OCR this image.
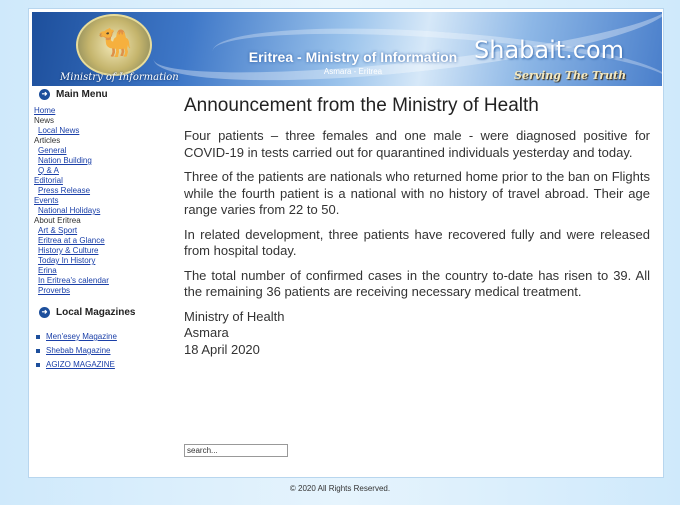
🐪
Ministry of Information
Eritrea - Ministry of Information
Asmara - Eritrea
Shabait.com
Serving The Truth
➜ Main Menu
Home
News
Local News
Articles
General
Nation Building
Q & A
Editorial
Press Release
Events
National Holidays
About Eritrea
Art & Sport
Eritrea at a Glance
History & Culture
Today In History
Erina
In Eritrea's calendar
Proverbs
➜ Local Magazines
Men'esey Magazine
Shebab Magazine
AGIZO MAGAZINE
Announcement from the Ministry of Health

Four patients – three females and one male - were diagnosed positive for COVID-19 in tests carried out for quarantined individuals yesterday and today.

Three of the patients are nationals who returned home prior to the ban on Flights while the fourth patient is a national with no history of travel abroad. Their age range varies from 22 to 50.

In related development, three patients have recovered fully and were released from hospital today.

The total number of confirmed cases in the country to-date has risen to 39. All the remaining 36 patients are receiving necessary medical treatment.

Ministry of Health
Asmara
18 April 2020
search...
© 2020 All Rights Reserved.
